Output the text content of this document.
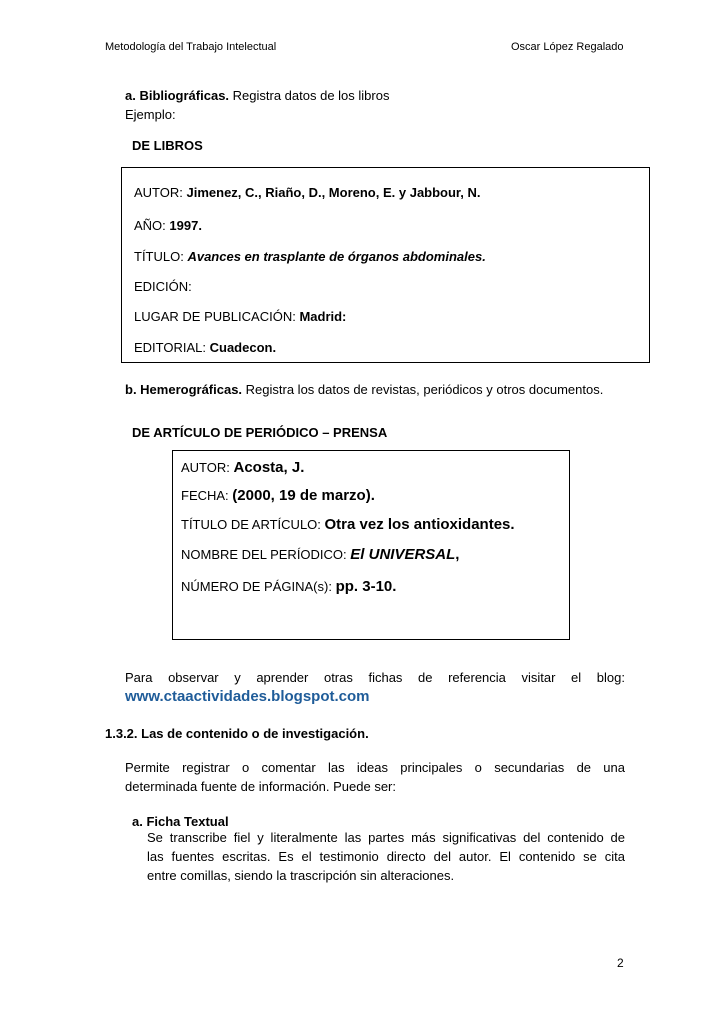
Metodología del Trabajo Intelectual	Oscar López Regalado
a. Bibliográficas. Registra datos de los libros
Ejemplo:
DE LIBROS
AUTOR: Jimenez, C., Riaño, D., Moreno, E. y Jabbour, N.
AÑO: 1997.
TÍTULO: Avances en trasplante de órganos abdominales.
EDICIÓN:
LUGAR DE PUBLICACIÓN: Madrid:
EDITORIAL: Cuadecon.
b. Hemerográficas. Registra los datos de revistas, periódicos y otros documentos.
DE ARTÍCULO DE PERIÓDICO – PRENSA
AUTOR: Acosta, J.
FECHA: (2000, 19 de marzo).
TÍTULO DE ARTÍCULO: Otra vez los antioxidantes.
NOMBRE DEL PERÍODICO: El UNIVERSAL,
NÚMERO DE PÁGINA(s): pp. 3-10.
Para observar y aprender otras fichas de referencia visitar el blog:
www.ctaactividades.blogspot.com
1.3.2. Las de contenido o de investigación.
Permite registrar o comentar las ideas principales o secundarias de una
determinada fuente de información. Puede ser:
a. Ficha Textual
Se transcribe fiel y literalmente las partes más significativas del contenido de
las fuentes escritas. Es el testimonio directo del autor. El contenido se cita
entre comillas, siendo la trascripción sin alteraciones.
2
